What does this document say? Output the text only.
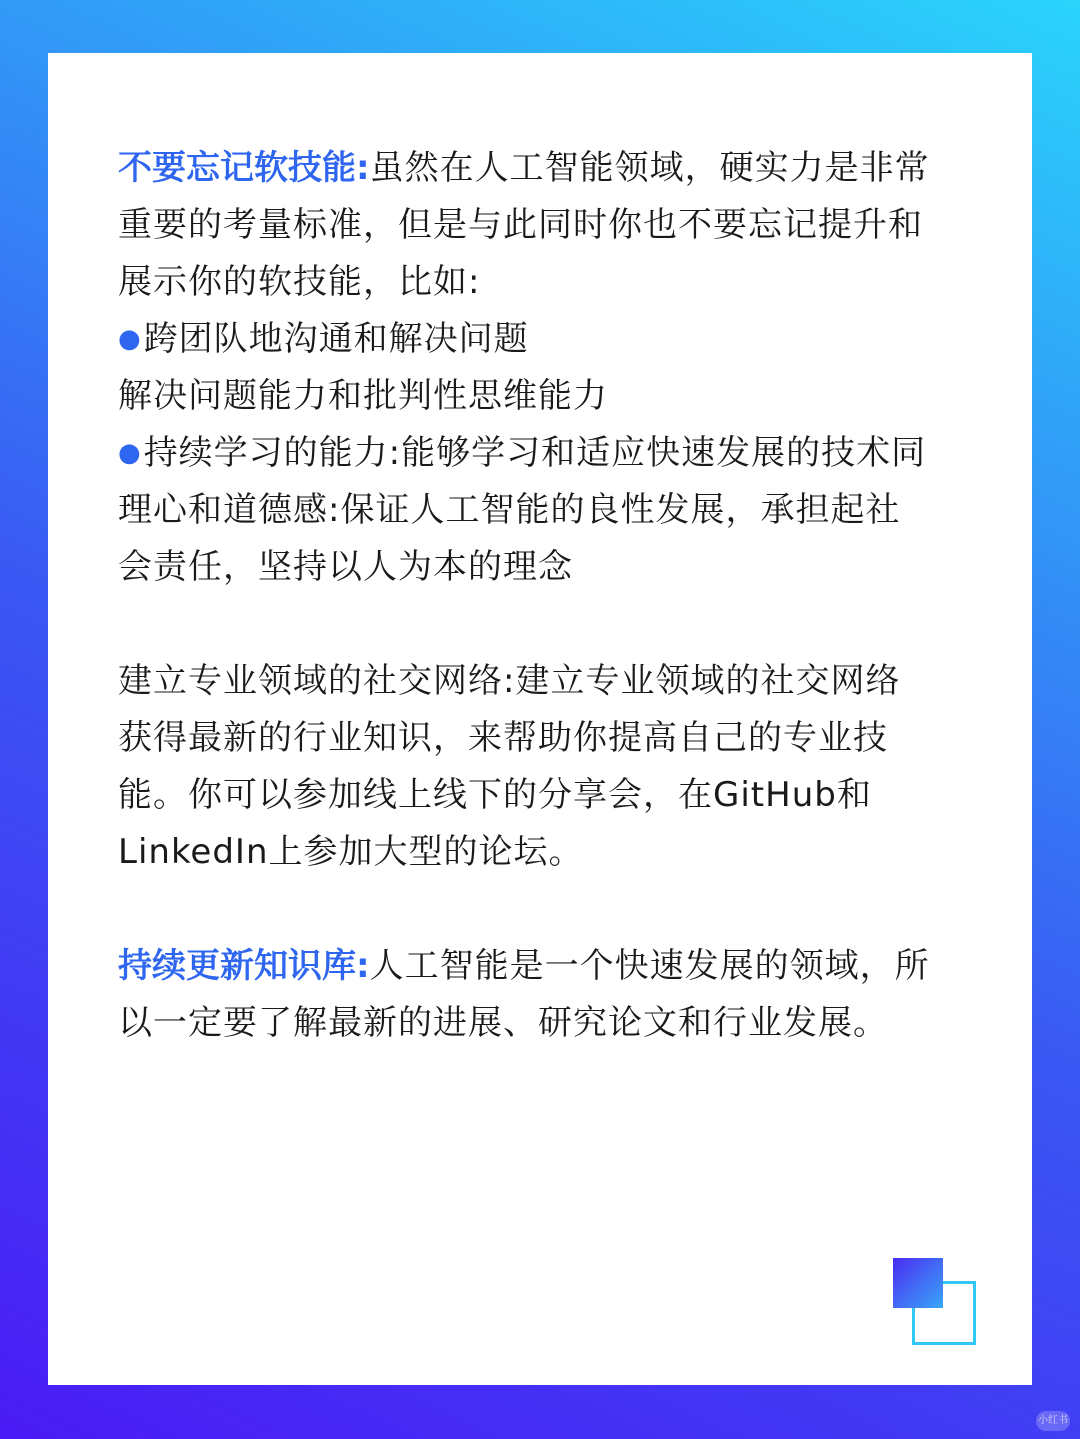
不要忘记软技能:虽然在人工智能领域，硬实力是非常
重要的考量标准，但是与此同时你也不要忘记提升和
展示你的软技能，比如:
●跨团队地沟通和解决问题
解决问题能力和批判性思维能力
●持续学习的能力:能够学习和适应快速发展的技术同
理心和道德感:保证人工智能的良性发展，承担起社
会责任，坚持以人为本的理念

建立专业领域的社交网络:建立专业领域的社交网络
获得最新的行业知识，来帮助你提高自己的专业技
能。你可以参加线上线下的分享会，在GitHub和
LinkedIn上参加大型的论坛。

持续更新知识库:人工智能是一个快速发展的领域，所
以一定要了解最新的进展、研究论文和行业发展。

小红书
